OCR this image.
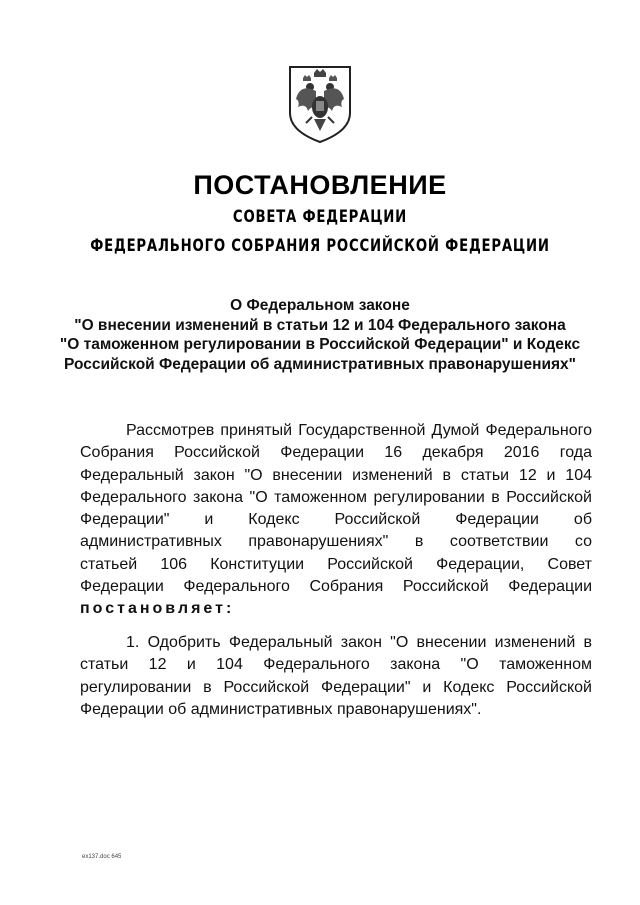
ПОСТАНОВЛЕНИЕ
СОВЕТА ФЕДЕРАЦИИ
ФЕДЕРАЛЬНОГО СОБРАНИЯ РОССИЙСКОЙ ФЕДЕРАЦИИ
О Федеральном законе
"О внесении изменений в статьи 12 и 104 Федерального закона
"О таможенном регулировании в Российской Федерации" и Кодекс
Российской Федерации об административных правонарушениях"
Рассмотрев принятый Государственной Думой Федерального
Собрания Российской Федерации 16 декабря 2016 года
Федеральный закон "О внесении изменений в статьи 12 и 104
Федерального закона "О таможенном регулировании в Российской
Федерации" и Кодекс Российской Федерации об
административных правонарушениях" в соответствии со
статьей 106 Конституции Российской Федерации, Совет
Федерации Федерального Собрания Российской Федерации
постановляет:
1. Одобрить Федеральный закон "О внесении изменений в
статьи 12 и 104 Федерального закона "О таможенном
регулировании в Российской Федерации" и Кодекс Российской
Федерации об административных правонарушениях".
ex137.doc 645
